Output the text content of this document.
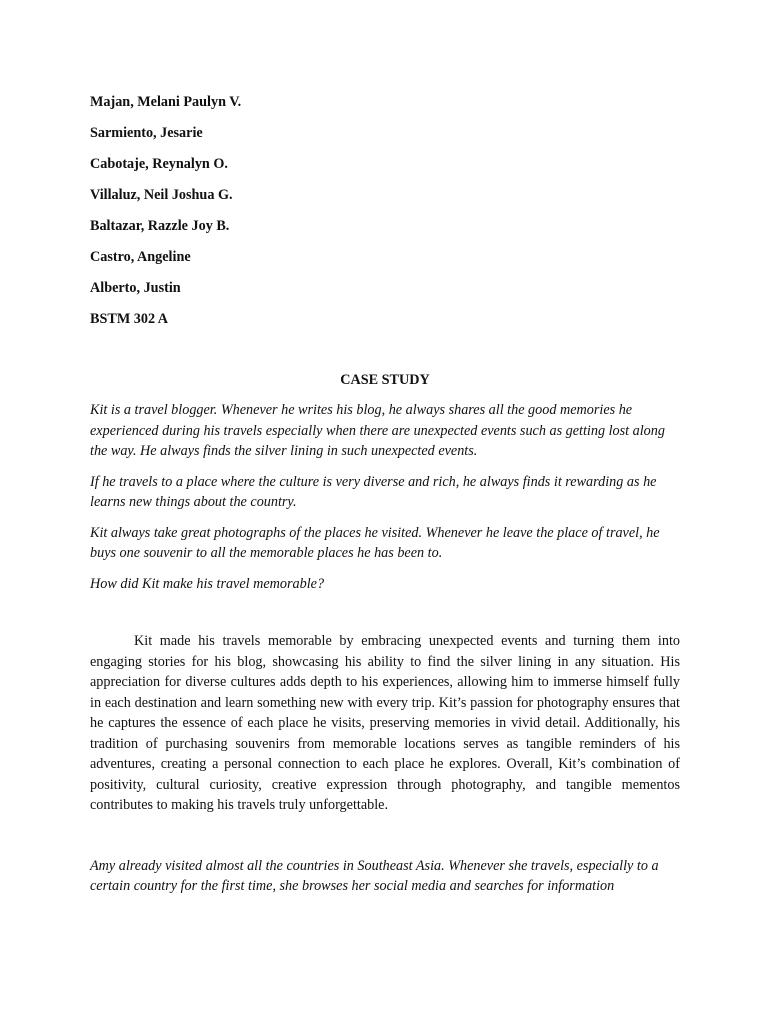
Majan, Melani Paulyn V.
Sarmiento, Jesarie
Cabotaje, Reynalyn O.
Villaluz, Neil Joshua G.
Baltazar, Razzle Joy B.
Castro, Angeline
Alberto, Justin
BSTM 302 A
CASE STUDY

Kit is a travel blogger. Whenever he writes his blog, he always shares all the good memories he experienced during his travels especially when there are unexpected events such as getting lost along the way. He always finds the silver lining in such unexpected events.

If he travels to a place where the culture is very diverse and rich, he always finds it rewarding as he learns new things about the country.

Kit always take great photographs of the places he visited. Whenever he leave the place of travel, he buys one souvenir to all the memorable places he has been to.

How did Kit make his travel memorable?

Kit made his travels memorable by embracing unexpected events and turning them into engaging stories for his blog, showcasing his ability to find the silver lining in any situation. His appreciation for diverse cultures adds depth to his experiences, allowing him to immerse himself fully in each destination and learn something new with every trip. Kit’s passion for photography ensures that he captures the essence of each place he visits, preserving memories in vivid detail. Additionally, his tradition of purchasing souvenirs from memorable locations serves as tangible reminders of his adventures, creating a personal connection to each place he explores. Overall, Kit’s combination of positivity, cultural curiosity, creative expression through photography, and tangible mementos contributes to making his travels truly unforgettable.

Amy already visited almost all the countries in Southeast Asia. Whenever she travels, especially to a certain country for the first time, she browses her social media and searches for information
